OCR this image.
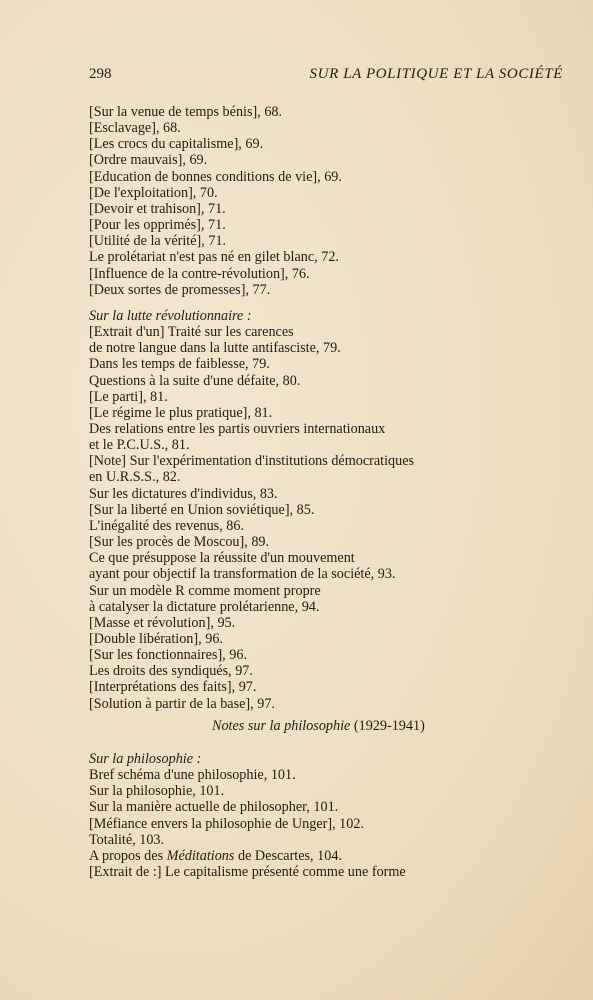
298	SUR LA POLITIQUE ET LA SOCIÉTÉ
[Sur la venue de temps bénis], 68.
[Esclavage], 68.
[Les crocs du capitalisme], 69.
[Ordre mauvais], 69.
[Education de bonnes conditions de vie], 69.
[De l'exploitation], 70.
[Devoir et trahison], 71.
[Pour les opprimés], 71.
[Utilité de la vérité], 71.
Le prolétariat n'est pas né en gilet blanc, 72.
[Influence de la contre-révolution], 76.
[Deux sortes de promesses], 77.
Sur la lutte révolutionnaire :
[Extrait d'un] Traité sur les carences
de notre langue dans la lutte antifasciste, 79.
Dans les temps de faiblesse, 79.
Questions à la suite d'une défaite, 80.
[Le parti], 81.
[Le régime le plus pratique], 81.
Des relations entre les partis ouvriers internationaux
et le P.C.U.S., 81.
[Note] Sur l'expérimentation d'institutions démocratiques
en U.R.S.S., 82.
Sur les dictatures d'individus, 83.
[Sur la liberté en Union soviétique], 85.
L'inégalité des revenus, 86.
[Sur les procès de Moscou], 89.
Ce que présuppose la réussite d'un mouvement
ayant pour objectif la transformation de la société, 93.
Sur un modèle R comme moment propre
à catalyser la dictature prolétarienne, 94.
[Masse et révolution], 95.
[Double libération], 96.
[Sur les fonctionnaires], 96.
Les droits des syndiqués, 97.
[Interprétations des faits], 97.
[Solution à partir de la base], 97.
Notes sur la philosophie (1929-1941)
Sur la philosophie :
Bref schéma d'une philosophie, 101.
Sur la philosophie, 101.
Sur la manière actuelle de philosopher, 101.
[Méfiance envers la philosophie de Unger], 102.
Totalité, 103.
A propos des Méditations de Descartes, 104.
[Extrait de :] Le capitalisme présenté comme une forme
